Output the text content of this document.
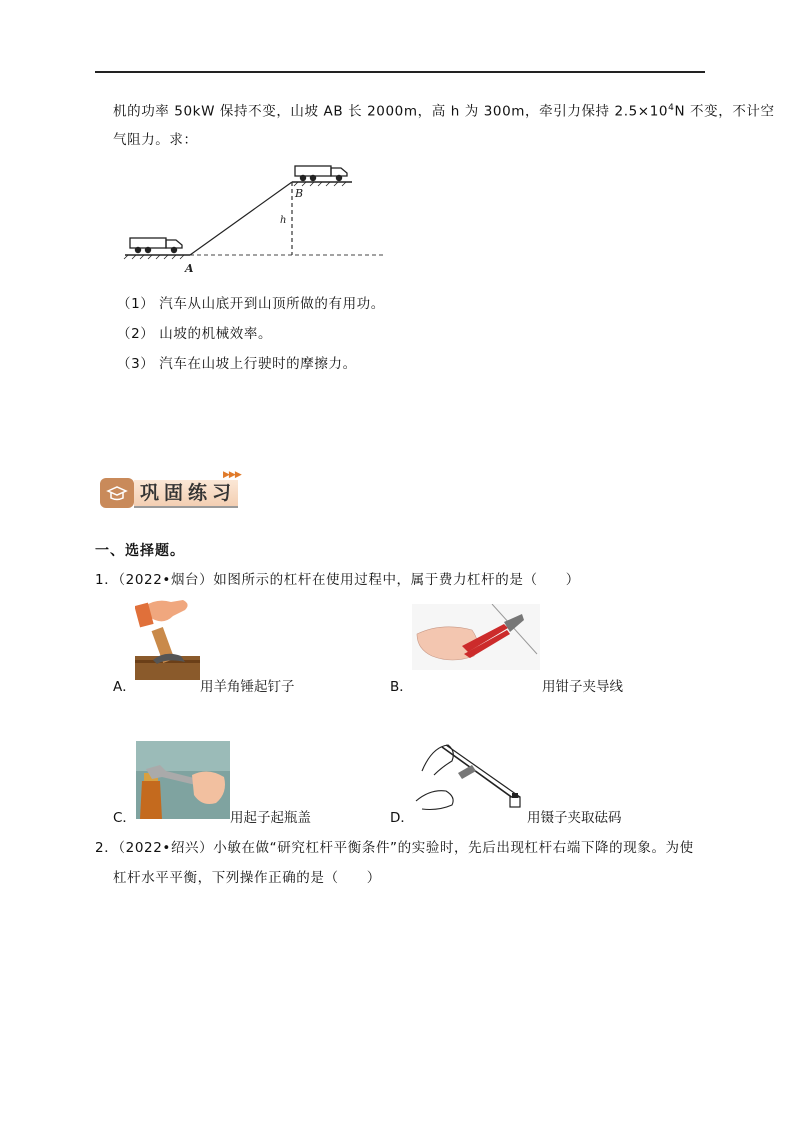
机的功率 50kW 保持不变，山坡 AB 长 2000m，高 h 为 300m，牵引力保持 $2.5\times 10^4N$ 不变，不计空
气阻力。求：
A
B
h
（1） 汽车从山底开到山顶所做的有用功。
（2） 山坡的机械效率。
（3） 汽车在山坡上行驶时的摩擦力。
巩固练习
▶▶▶
一、选择题。
1．（2022•烟台）如图所示的杠杆在使用过程中，属于费力杠杆的是（　　）
A．	用羊角锤起钉子	B．	用钳子夹导线
C．	用起子起瓶盖	D．	用镊子夹取砝码
2．（2022•绍兴）小敏在做“研究杠杆平衡条件”的实验时，先后出现杠杆右端下降的现象。为使
杠杆水平平衡，下列操作正确的是（　　）
